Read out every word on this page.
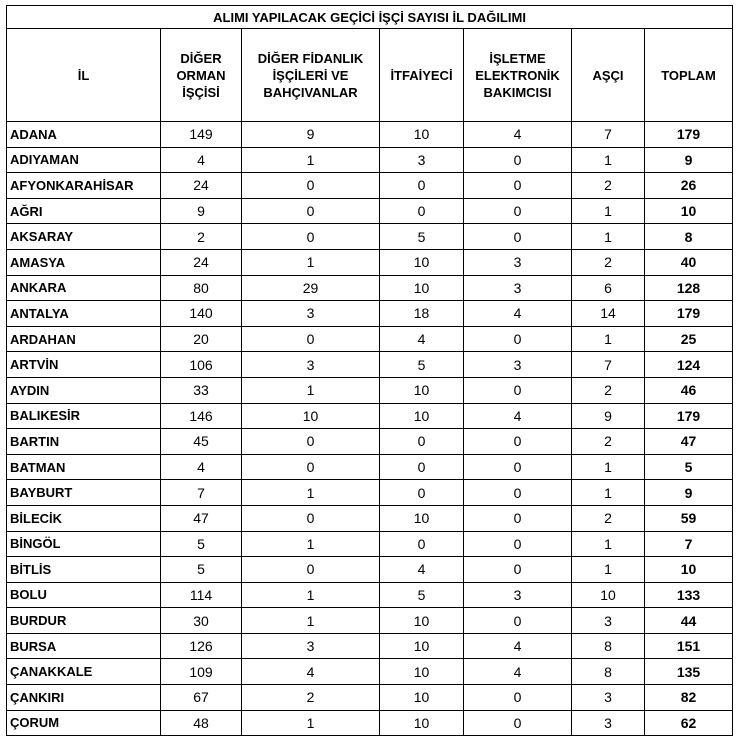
ALIMI YAPILACAK GEÇİCİ İŞÇİ SAYISI İL DAĞILIMI						
İL	DİĞER ORMAN İŞÇİSİ	DİĞER FİDANLIK İŞÇİLERİ VE BAHÇIVANLAR	İTFAİYECİ	İŞLETME ELEKTRONİK BAKIMCISI	AŞÇI	TOPLAM
ADANA	149	9	10	4	7	179
ADIYAMAN	4	1	3	0	1	9
AFYONKARAHİSAR	24	0	0	0	2	26
AĞRI	9	0	0	0	1	10
AKSARAY	2	0	5	0	1	8
AMASYA	24	1	10	3	2	40
ANKARA	80	29	10	3	6	128
ANTALYA	140	3	18	4	14	179
ARDAHAN	20	0	4	0	1	25
ARTVİN	106	3	5	3	7	124
AYDIN	33	1	10	0	2	46
BALIKESİR	146	10	10	4	9	179
BARTIN	45	0	0	0	2	47
BATMAN	4	0	0	0	1	5
BAYBURT	7	1	0	0	1	9
BİLECİK	47	0	10	0	2	59
BİNGÖL	5	1	0	0	1	7
BİTLİS	5	0	4	0	1	10
BOLU	114	1	5	3	10	133
BURDUR	30	1	10	0	3	44
BURSA	126	3	10	4	8	151
ÇANAKKALE	109	4	10	4	8	135
ÇANKIRI	67	2	10	0	3	82
ÇORUM	48	1	10	0	3	62
